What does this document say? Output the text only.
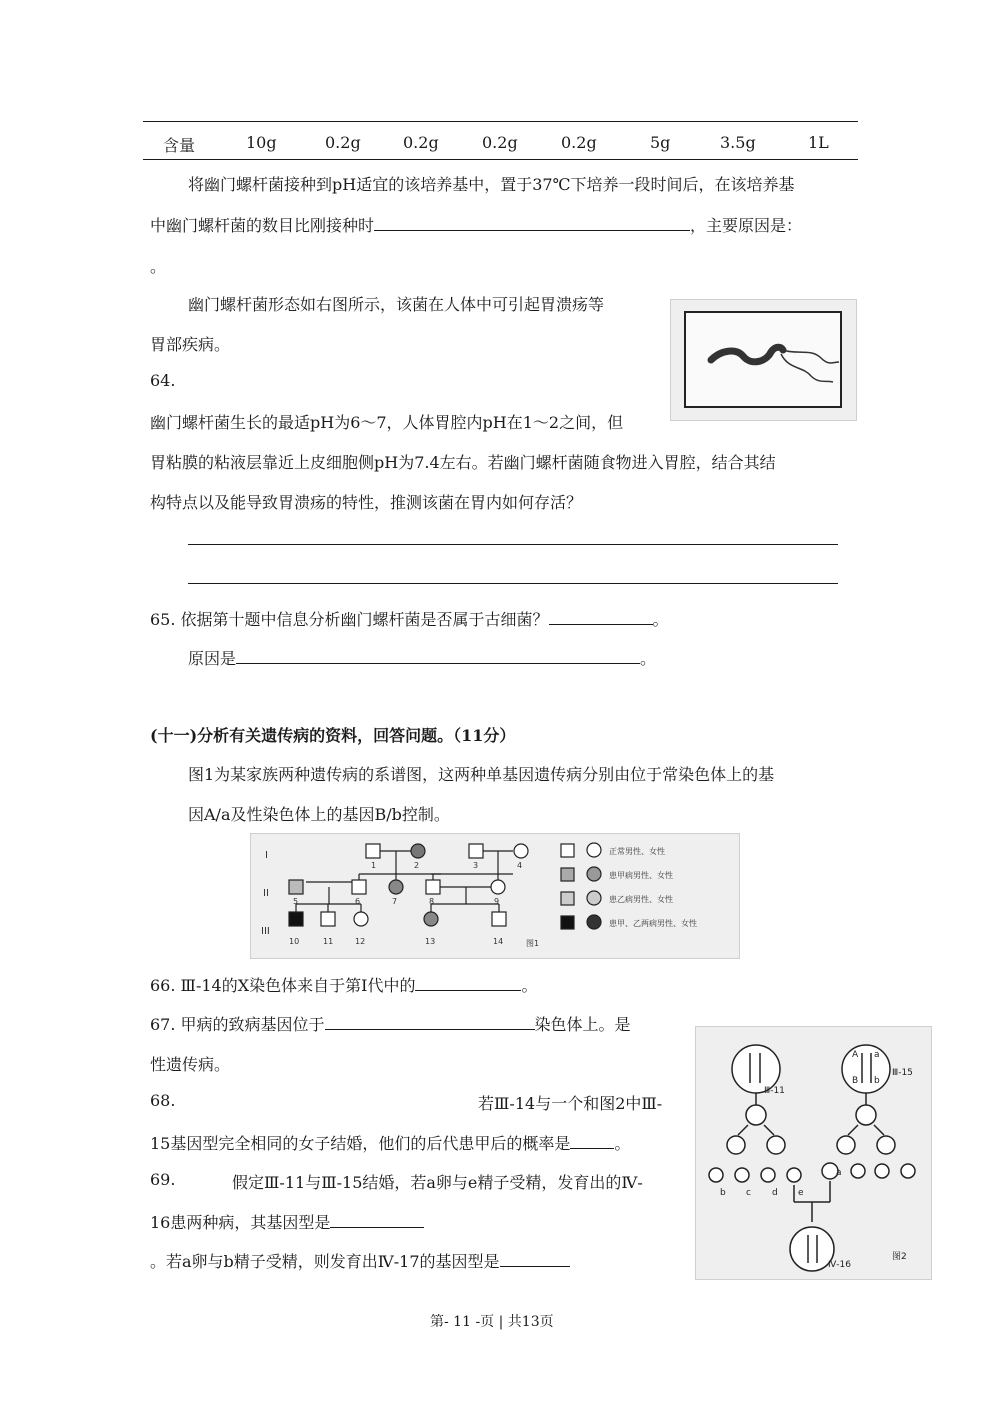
含量	10g	0.2g	0.2g	0.2g	0.2g	5g	3.5g	1L
将幽门螺杆菌接种到pH适宜的该培养基中，置于37℃下培养一段时间后，在该培养基
中幽门螺杆菌的数目比刚接种时	，主要原因是：
。
幽门螺杆菌形态如右图所示，该菌在人体中可引起胃溃疡等
胃部疾病。
64.
幽门螺杆菌生长的最适pH为6～7，人体胃腔内pH在1～2之间，但
胃粘膜的粘液层靠近上皮细胞侧pH为7.4左右。若幽门螺杆菌随食物进入胃腔，结合其结
构特点以及能导致胃溃疡的特性，推测该菌在胃内如何存活？
65. 依据第十题中信息分析幽门螺杆菌是否属于古细菌？	。
原因是	。
(十一)分析有关遗传病的资料，回答问题。（11分）
图1为某家族两种遗传病的系谱图，这两种单基因遗传病分别由位于常染色体上的基
因A/a及性染色体上的基因B/b控制。
I
II
III
1	2	3	4
5	6	7	8	9
10	11	12	13	14
正常男性、女性
患甲病男性、女性
患乙病男性、女性
患甲、乙两病男性、女性
图1
66. Ⅲ-14的X染色体来自于第Ⅰ代中的	。
67. 甲病的致病基因位于	染色体上。是
性遗传病。
68.	若Ⅲ-14与一个和图2中Ⅲ-
15基因型完全相同的女子结婚，他们的后代患甲后的概率是	。
69.	假定Ⅲ-11与Ⅲ-15结婚，若a卵与e精子受精，发育出的Ⅳ-
16患两种病，其基因型是
。若a卵与b精子受精，则发育出Ⅳ-17的基因型是
A a
B b
Ⅲ-11
Ⅲ-15
Ⅳ-16
图2
a
b c d e
第- 11 -页 | 共13页
